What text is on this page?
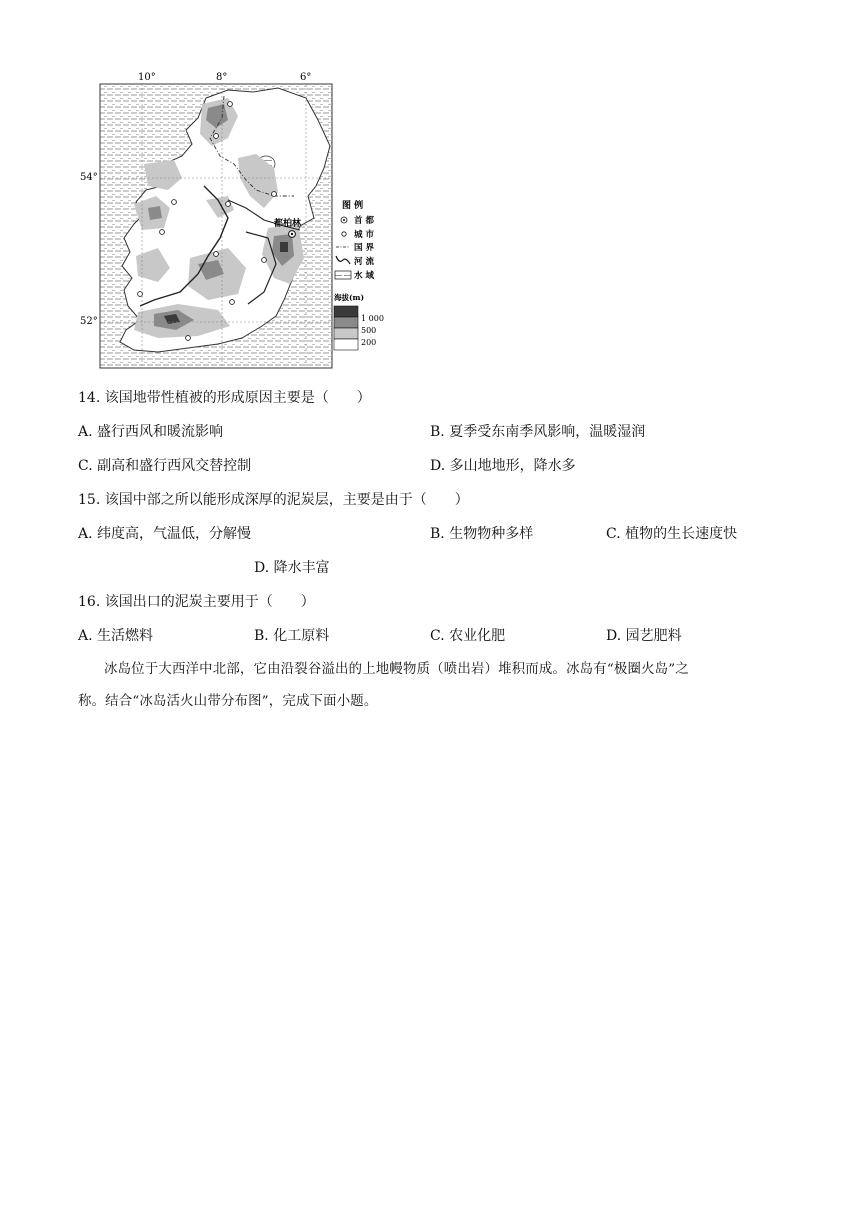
10°	8°	6°
54°
52°
都柏林
图 例
首 都
城 市
国 界
河 流
水 域
海拔(m)
1 000
500
200
14. 该国地带性植被的形成原因主要是（　　）
A. 盛行西风和暖流影响	B. 夏季受东南季风影响，温暖湿润
C. 副高和盛行西风交替控制	D. 多山地地形，降水多
15. 该国中部之所以能形成深厚的泥炭层，主要是由于（　　）
A. 纬度高，气温低，分解慢	B. 生物物种多样	C. 植物的生长速度快
D. 降水丰富
16. 该国出口的泥炭主要用于（　　）
A. 生活燃料	B. 化工原料	C. 农业化肥	D. 园艺肥料
冰岛位于大西洋中北部，它由沿裂谷溢出的上地幔物质（喷出岩）堆积而成。冰岛有“极圈火岛”之
称。结合“冰岛活火山带分布图”，完成下面小题。
